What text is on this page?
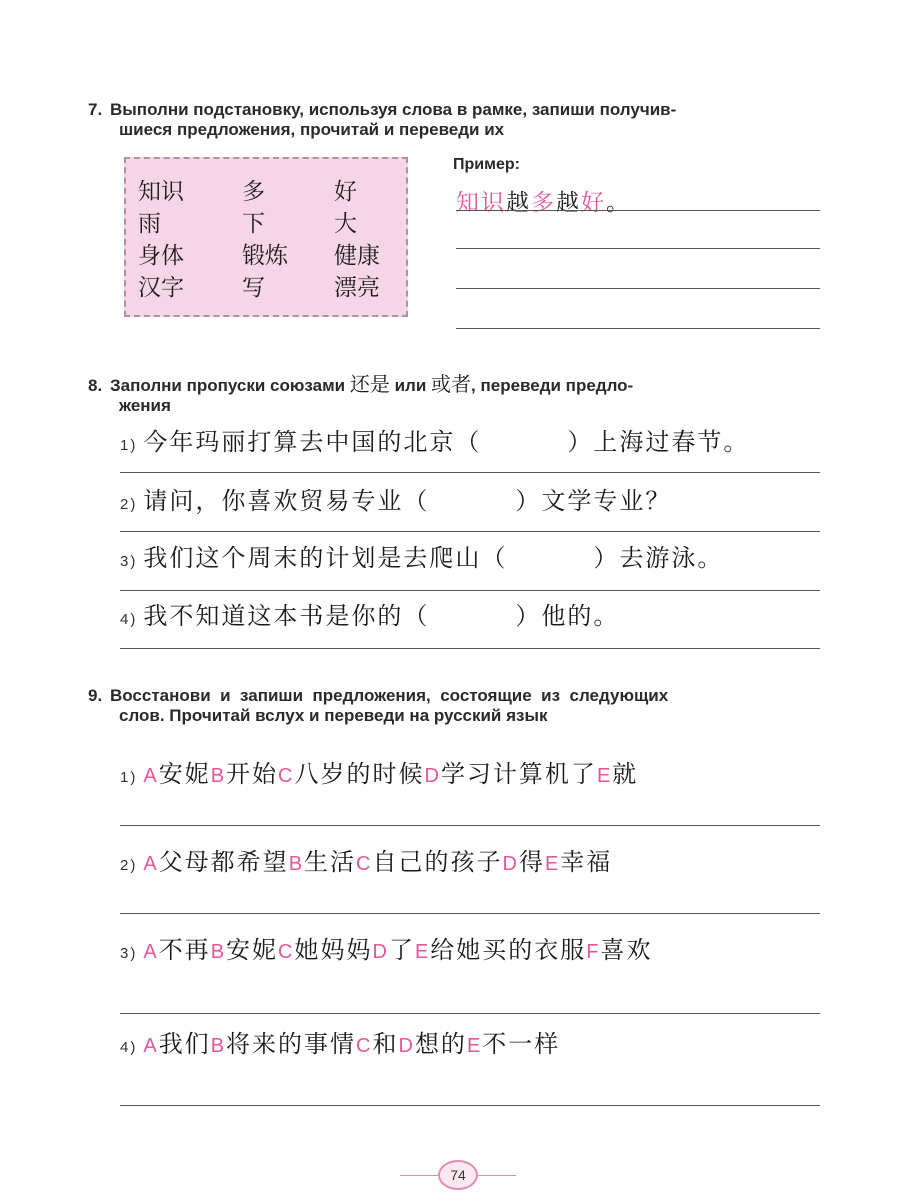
7. Выполни подстановку, используя слова в рамке, запиши получив-
шиеся предложения, прочитай и переведи их
知识	多	好
雨	下	大
身体	锻炼 健康
汉字	写	漂亮
Пример:
知识越多越好。
8. Заполни пропуски союзами 还是 или 或者, переведи предло-
жения
1) 今年玛丽打算去中国的北京（	）上海过春节。
2) 请问，你喜欢贸易专业（	）文学专业？
3) 我们这个周末的计划是去爬山（	）去游泳。
4) 我不知道这本书是你的（	）他的。
9. Восстанови  и  запиши  предложения,  состоящие  из  следующих
слов. Прочитай вслух и переведи на русский язык
1) A安妮B开始C八岁的时候D学习计算机了E就
2) A父母都希望B生活C自己的孩子D得E幸福
3) A不再B安妮C她妈妈D了E给她买的衣服F喜欢
4) A我们B将来的事情C和D想的E不一样
74
